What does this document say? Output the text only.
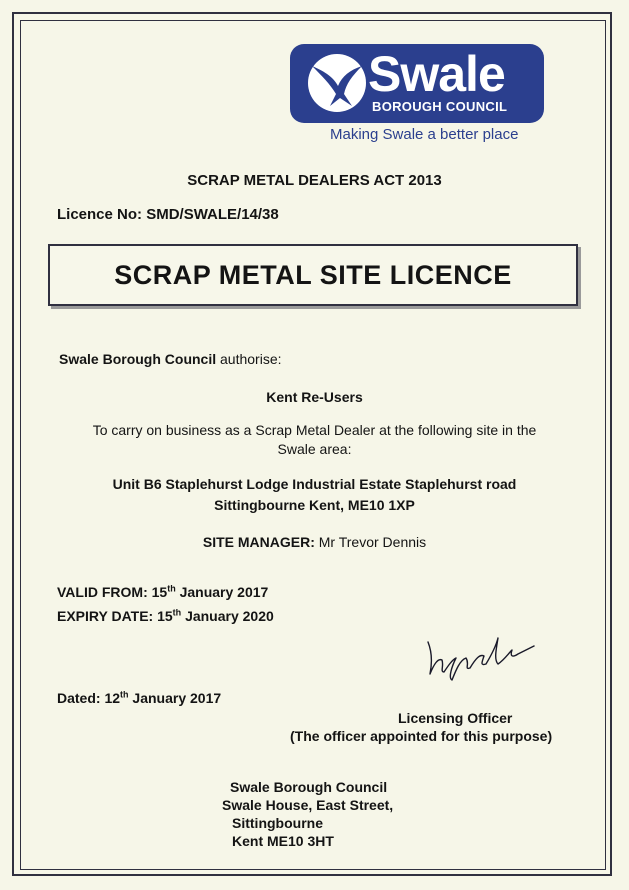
Swale
BOROUGH COUNCIL
Making Swale a better place
SCRAP METAL DEALERS ACT 2013
Licence No: SMD/SWALE/14/38
SCRAP METAL SITE LICENCE
Swale Borough Council authorise:
Kent Re-Users
To carry on business as a Scrap Metal Dealer at the following site in the
Swale area:
Unit B6 Staplehurst Lodge Industrial Estate Staplehurst road
Sittingbourne Kent, ME10 1XP
SITE MANAGER: Mr Trevor Dennis
VALID FROM: 15th January 2017
EXPIRY DATE: 15th January 2020
Dated: 12th January 2017
Licensing Officer
(The officer appointed for this purpose)
Swale Borough Council
Swale House, East Street,
Sittingbourne
Kent ME10 3HT
